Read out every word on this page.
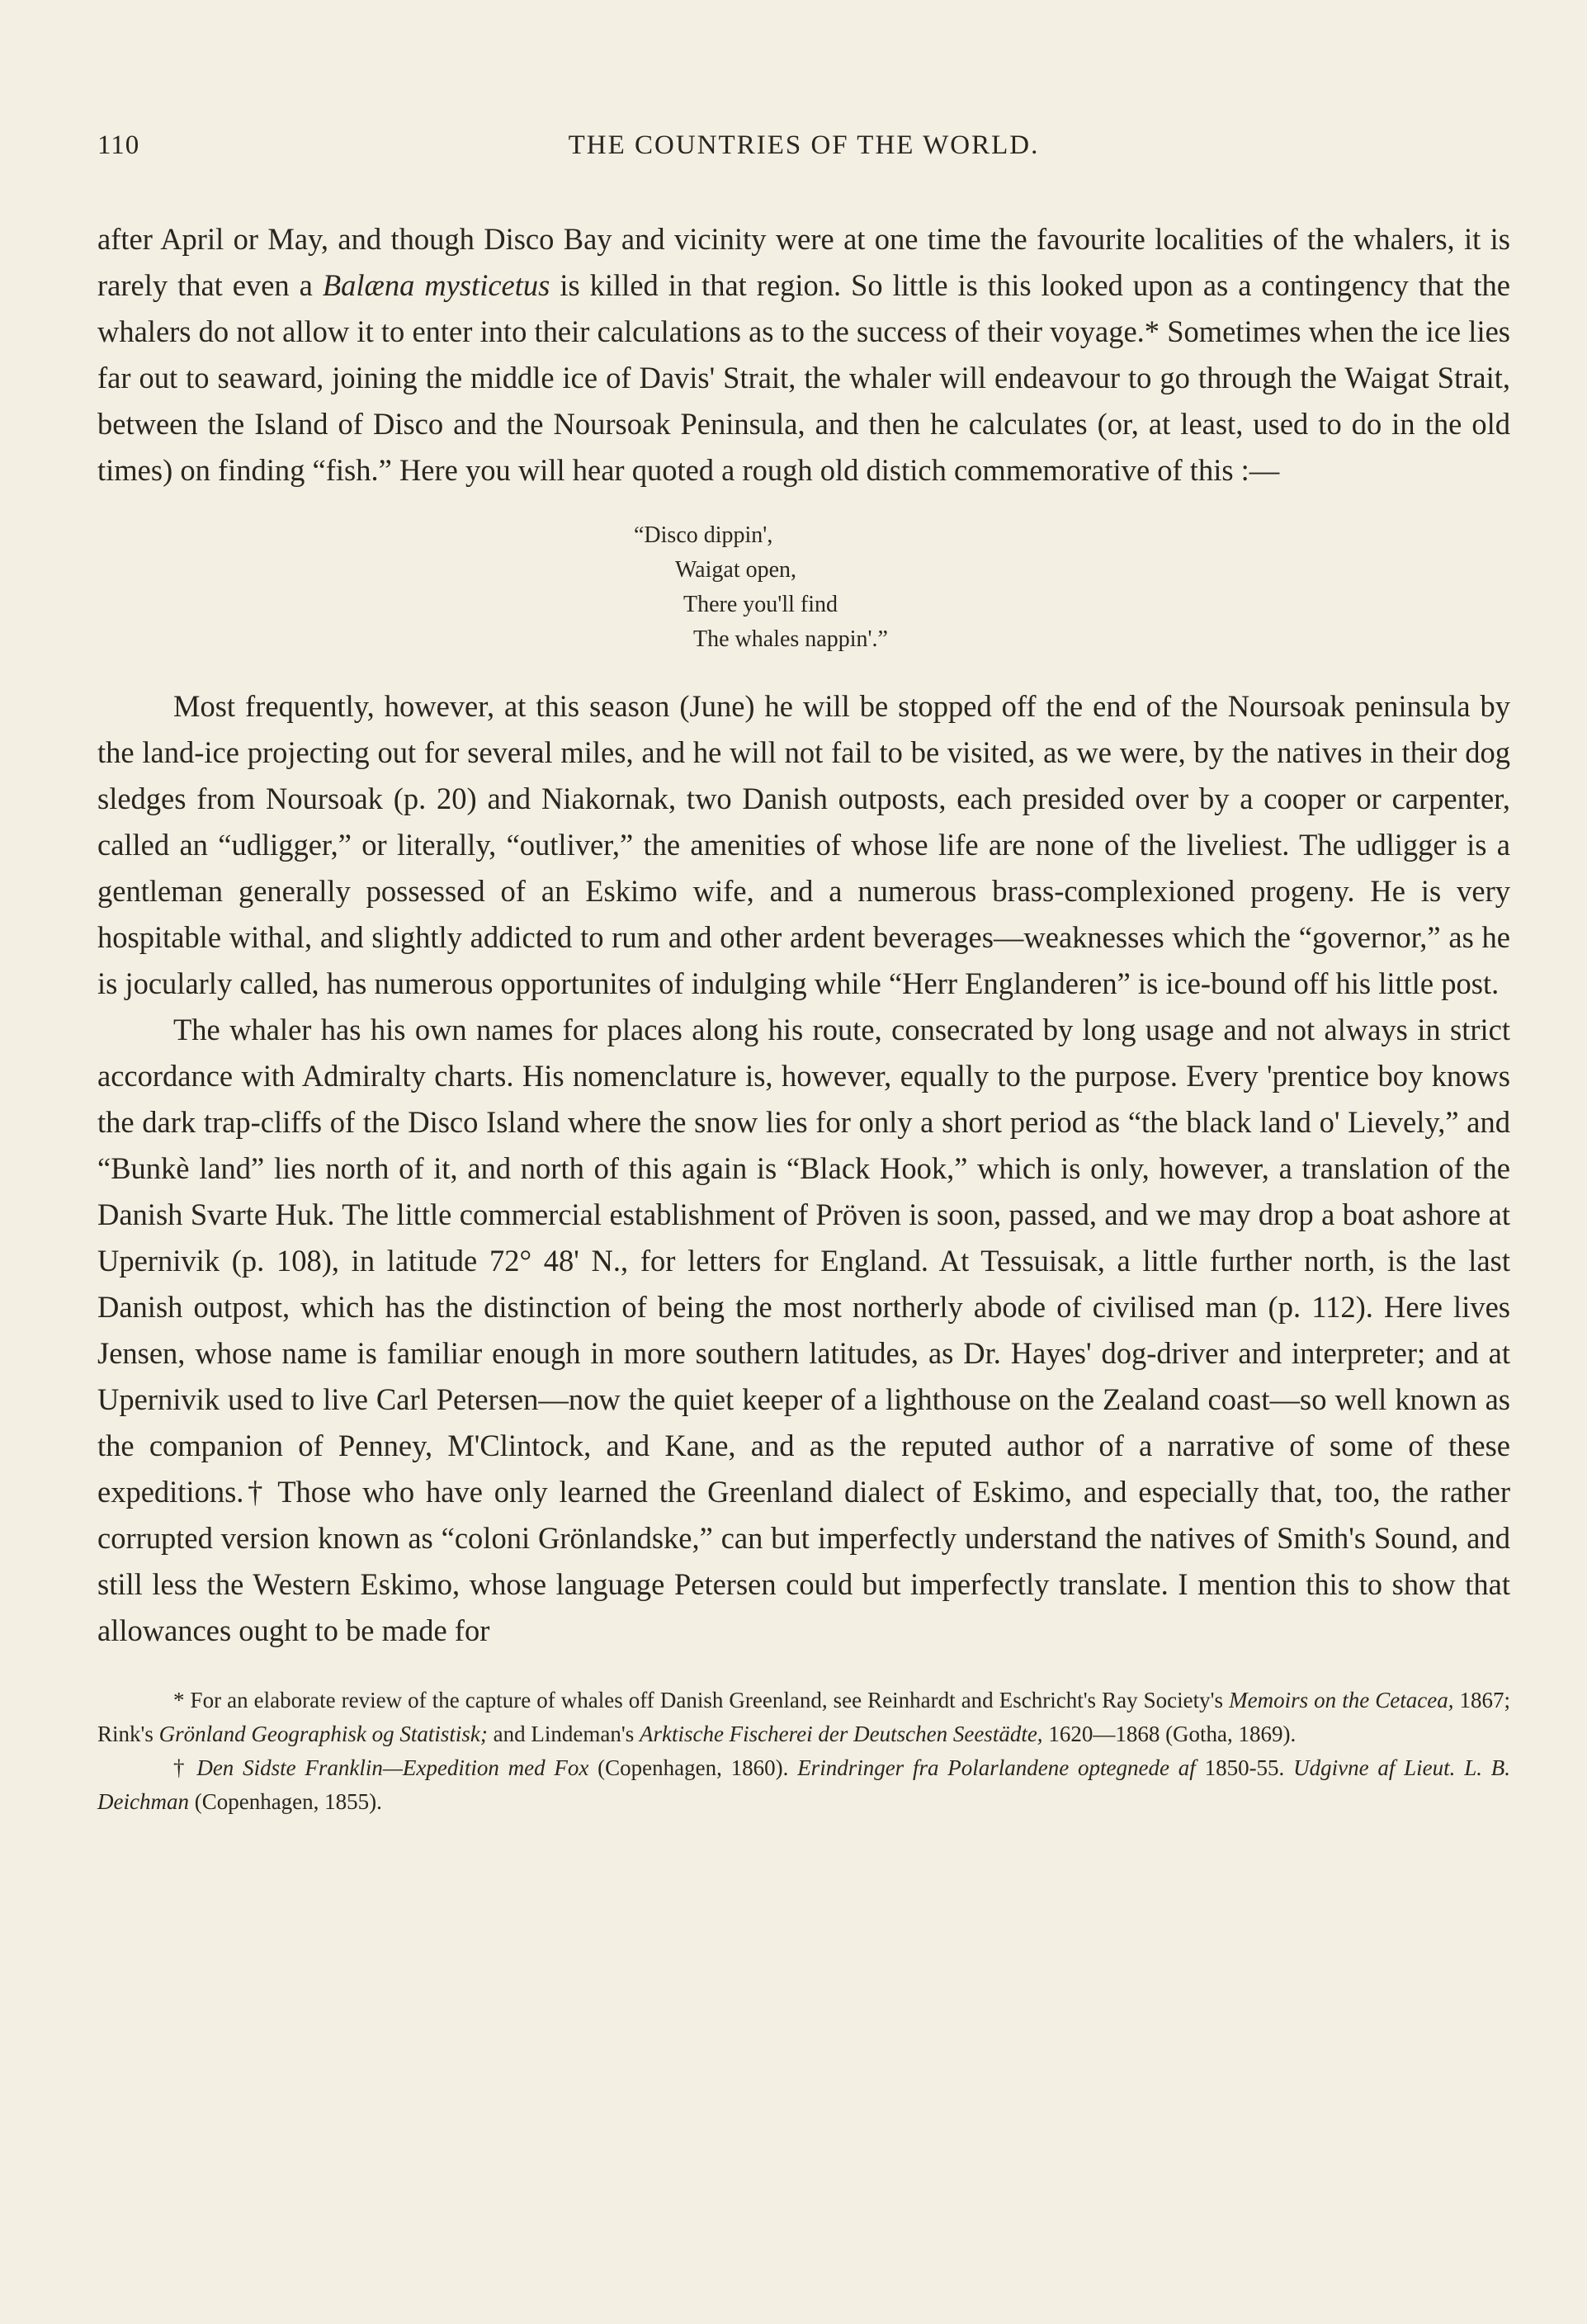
110	THE COUNTRIES OF THE WORLD.

after April or May, and though Disco Bay and vicinity were at one time the favourite localities of the whalers, it is rarely that even a Balæna mysticetus is killed in that region. So little is this looked upon as a contingency that the whalers do not allow it to enter into their calculations as to the success of their voyage.* Sometimes when the ice lies far out to seaward, joining the middle ice of Davis' Strait, the whaler will endeavour to go through the Waigat Strait, between the Island of Disco and the Noursoak Peninsula, and then he calculates (or, at least, used to do in the old times) on finding “fish.” Here you will hear quoted a rough old distich commemorative of this :—

“Disco dippin',
Waigat open,
There you'll find
The whales nappin'.”

Most frequently, however, at this season (June) he will be stopped off the end of the Noursoak peninsula by the land-ice projecting out for several miles, and he will not fail to be visited, as we were, by the natives in their dog sledges from Noursoak (p. 20) and Niakornak, two Danish outposts, each presided over by a cooper or carpenter, called an “udligger,” or literally, “outliver,” the amenities of whose life are none of the liveliest. The udligger is a gentleman generally possessed of an Eskimo wife, and a numerous brass-complexioned progeny. He is very hospitable withal, and slightly addicted to rum and other ardent beverages—weaknesses which the “governor,” as he is jocularly called, has numerous opportunites of indulging while “Herr Englanderen” is ice-bound off his little post.

The whaler has his own names for places along his route, consecrated by long usage and not always in strict accordance with Admiralty charts. His nomenclature is, however, equally to the purpose. Every 'prentice boy knows the dark trap-cliffs of the Disco Island where the snow lies for only a short period as “the black land o' Lievely,” and “Bunkè land” lies north of it, and north of this again is “Black Hook,” which is only, however, a translation of the Danish Svarte Huk. The little commercial establishment of Pröven is soon, passed, and we may drop a boat ashore at Upernivik (p. 108), in latitude 72° 48' N., for letters for England. At Tessuisak, a little further north, is the last Danish outpost, which has the distinction of being the most northerly abode of civilised man (p. 112). Here lives Jensen, whose name is familiar enough in more southern latitudes, as Dr. Hayes' dog-driver and interpreter; and at Upernivik used to live Carl Petersen—now the quiet keeper of a lighthouse on the Zealand coast—so well known as the companion of Penney, M'Clintock, and Kane, and as the reputed author of a narrative of some of these expeditions.† Those who have only learned the Greenland dialect of Eskimo, and especially that, too, the rather corrupted version known as “coloni Grönlandske,” can but imperfectly understand the natives of Smith's Sound, and still less the Western Eskimo, whose language Petersen could but imperfectly translate. I mention this to show that allowances ought to be made for

* For an elaborate review of the capture of whales off Danish Greenland, see Reinhardt and Eschricht's Ray Society's Memoirs on the Cetacea, 1867; Rink's Grönland Geographisk og Statistisk; and Lindeman's Arktische Fischerei der Deutschen Seestädte, 1620—1868 (Gotha, 1869).

† Den Sidste Franklin—Expedition med Fox (Copenhagen, 1860). Erindringer fra Polarlandene optegnede af 1850-55. Udgivne af Lieut. L. B. Deichman (Copenhagen, 1855).
